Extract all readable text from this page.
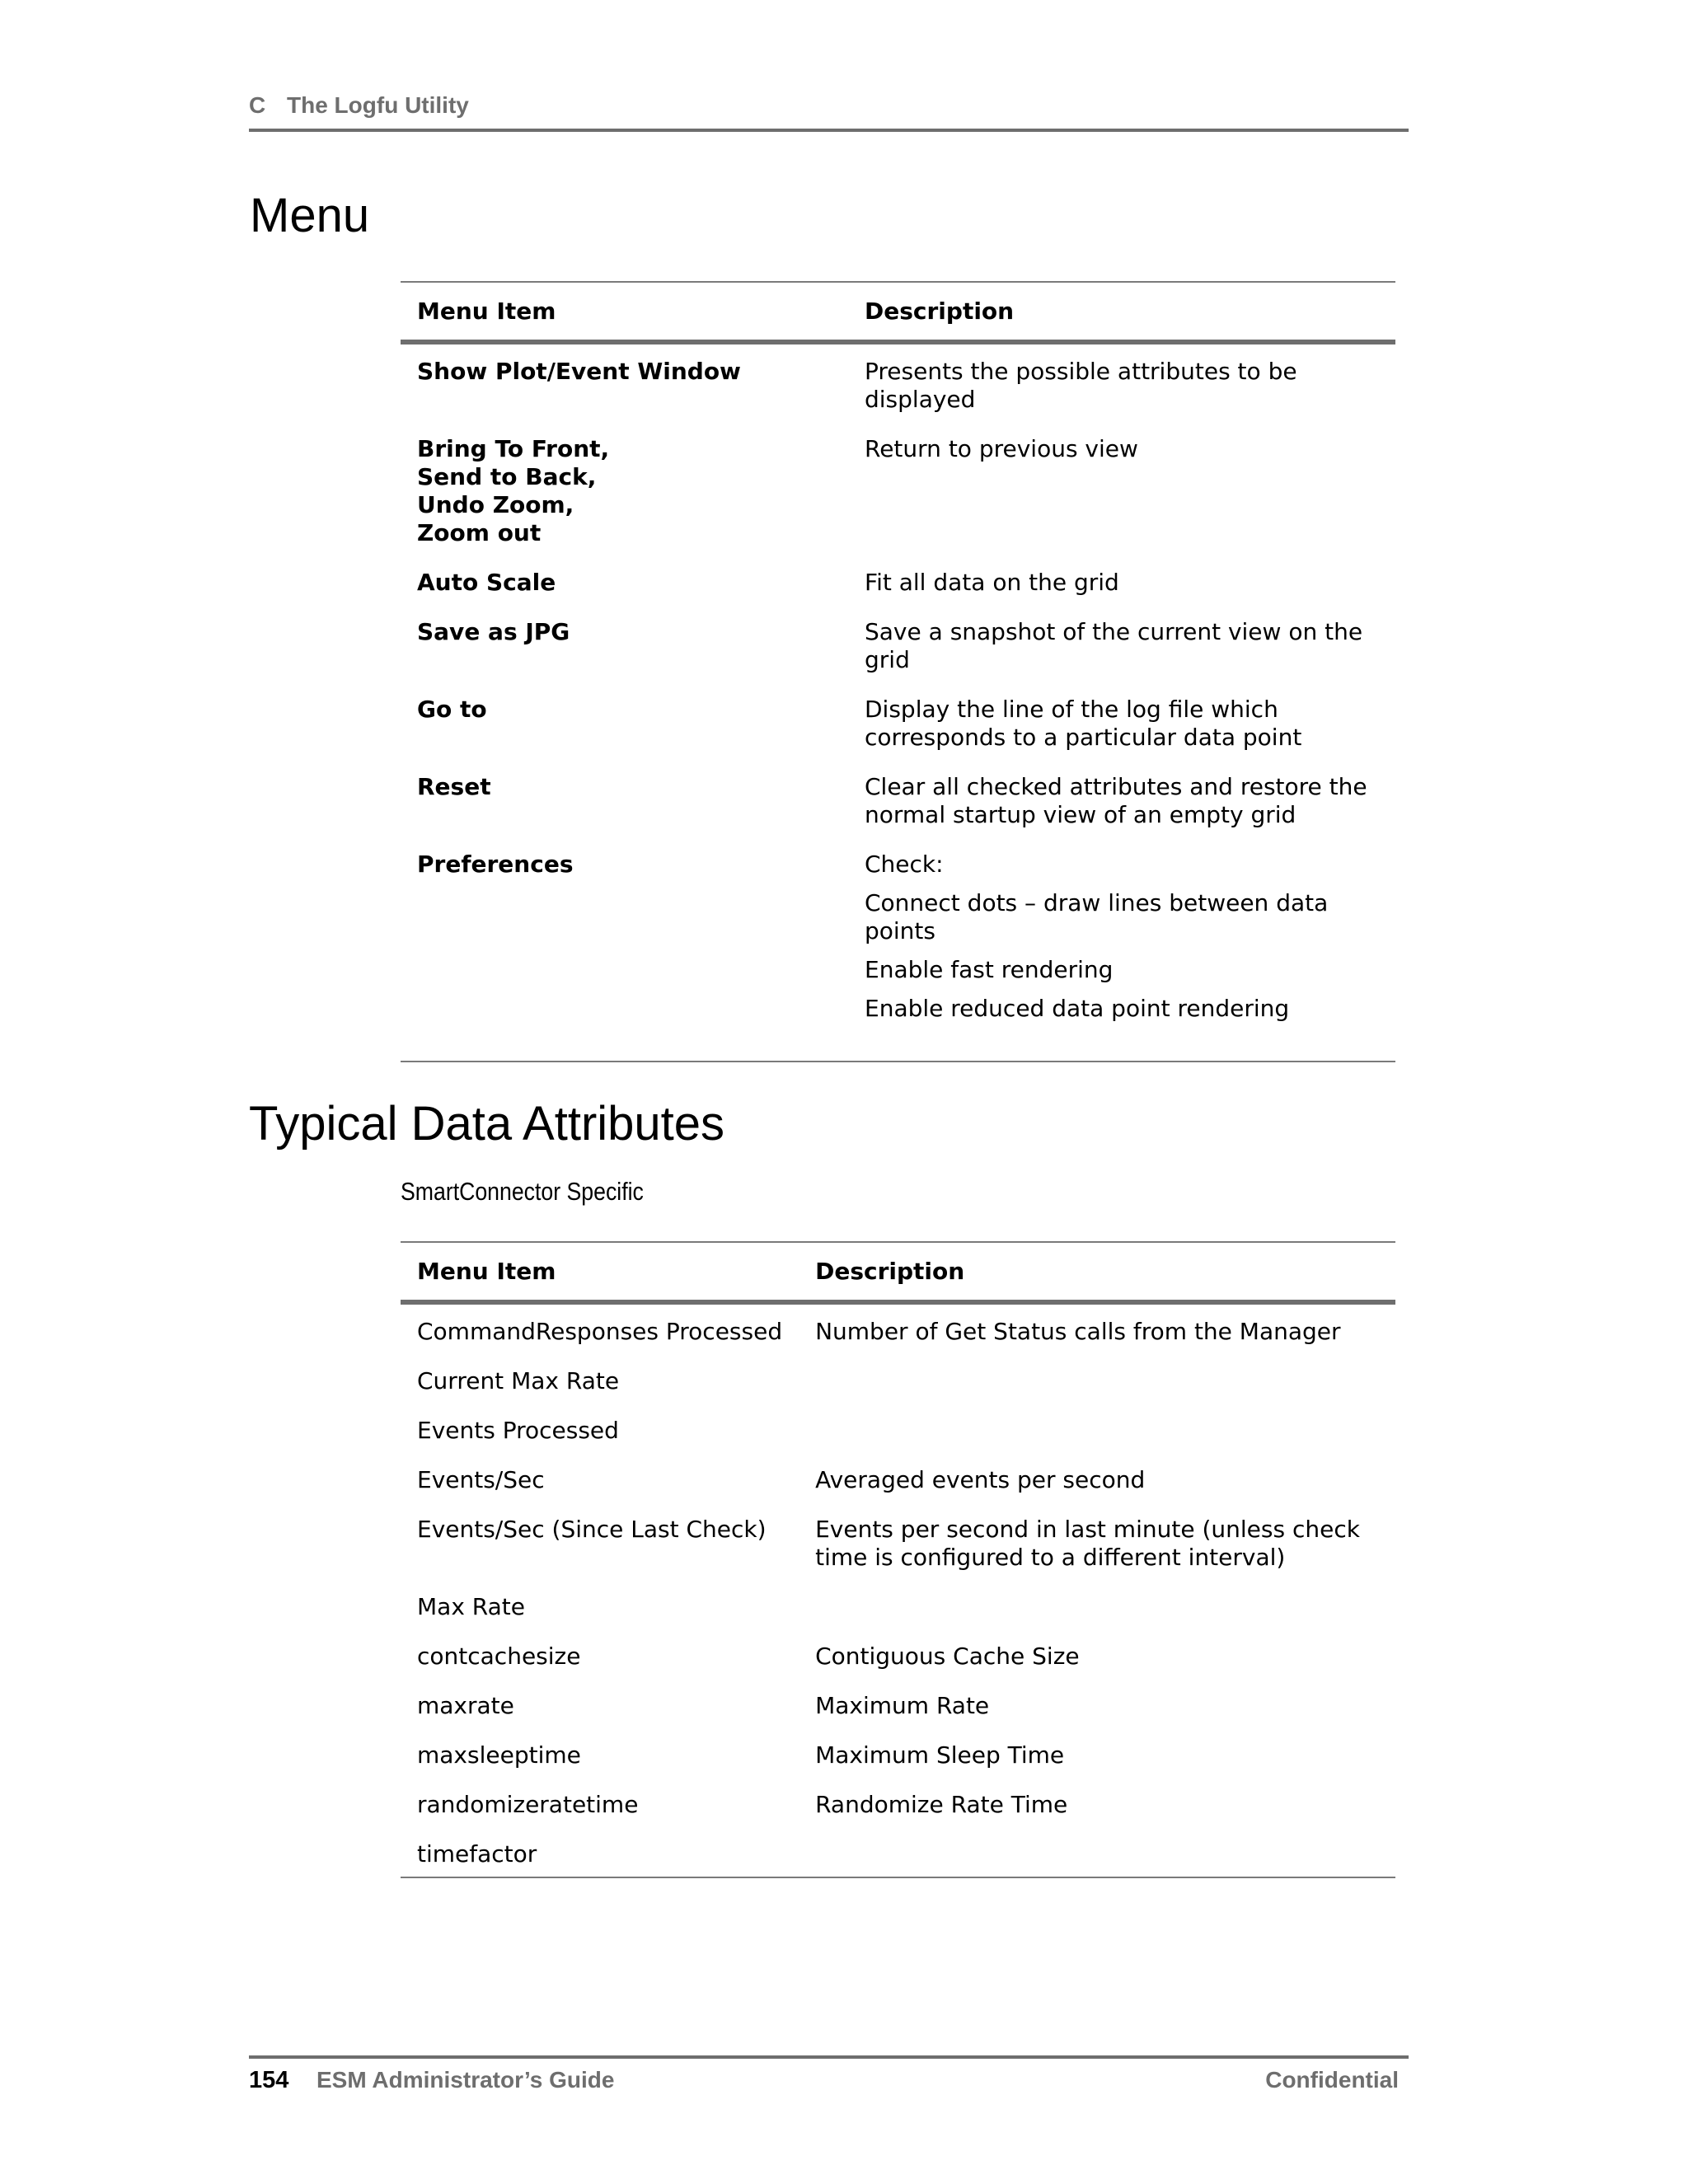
C The Logfu Utility
Menu
Menu Item	Description

Show Plot/Event Window	Presents the possible attributes to be
displayed

Bring To Front,
Send to Back,
Undo Zoom,
Zoom out	Return to previous view

Auto Scale	Fit all data on the grid

Save as JPG	Save a snapshot of the current view on the
grid

Go to	Display the line of the log file which
corresponds to a particular data point

Reset	Clear all checked attributes and restore the
normal startup view of an empty grid

Preferences	Check:
Connect dots – draw lines between data
points
Enable fast rendering
Enable reduced data point rendering
Typical Data Attributes
SmartConnector Specific
Menu Item	Description

CommandResponses Processed	Number of Get Status calls from the Manager

Current Max Rate	

Events Processed	

Events/Sec	Averaged events per second

Events/Sec (Since Last Check)	Events per second in last minute (unless check
time is configured to a different interval)

Max Rate	

contcachesize	Contiguous Cache Size

maxrate	Maximum Rate

maxsleeptime	Maximum Sleep Time

randomizeratetime	Randomize Rate Time

timefactor	

154 ESM Administrator’s Guide	Confidential
